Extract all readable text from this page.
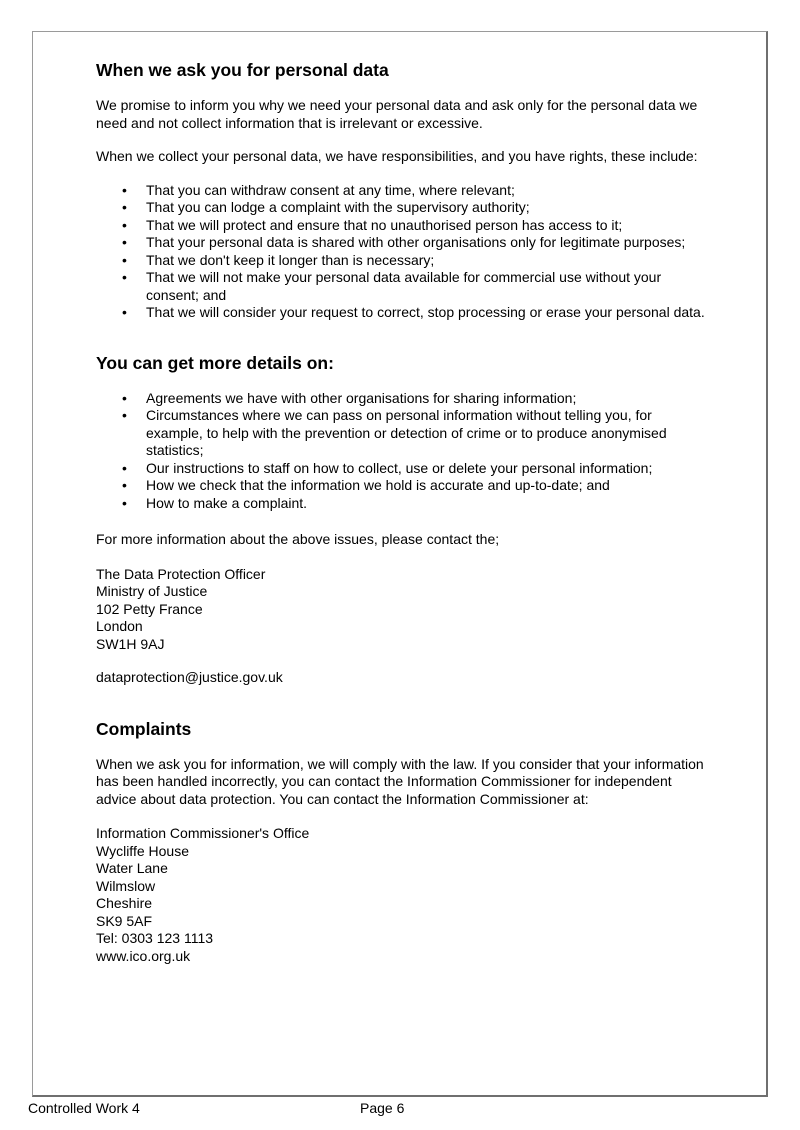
When we ask you for personal data

We promise to inform you why we need your personal data and ask only for the personal data we need and not collect information that is irrelevant or excessive.

When we collect your personal data, we have responsibilities, and you have rights, these include:

• That you can withdraw consent at any time, where relevant;
• That you can lodge a complaint with the supervisory authority;
• That we will protect and ensure that no unauthorised person has access to it;
• That your personal data is shared with other organisations only for legitimate purposes;
• That we don't keep it longer than is necessary;
• That we will not make your personal data available for commercial use without your consent; and
• That we will consider your request to correct, stop processing or erase your personal data.
You can get more details on:
• Agreements we have with other organisations for sharing information;
• Circumstances where we can pass on personal information without telling you, for example, to help with the prevention or detection of crime or to produce anonymised statistics;
• Our instructions to staff on how to collect, use or delete your personal information;
• How we check that the information we hold is accurate and up-to-date; and
• How to make a complaint.

For more information about the above issues, please contact the;

The Data Protection Officer
Ministry of Justice
102 Petty France
London
SW1H 9AJ

dataprotection@justice.gov.uk

Complaints

When we ask you for information, we will comply with the law. If you consider that your information has been handled incorrectly, you can contact the Information Commissioner for independent advice about data protection. You can contact the Information Commissioner at:

Information Commissioner's Office
Wycliffe House
Water Lane
Wilmslow
Cheshire
SK9 5AF
Tel: 0303 123 1113
www.ico.org.uk
Controlled Work 4	Page 6
